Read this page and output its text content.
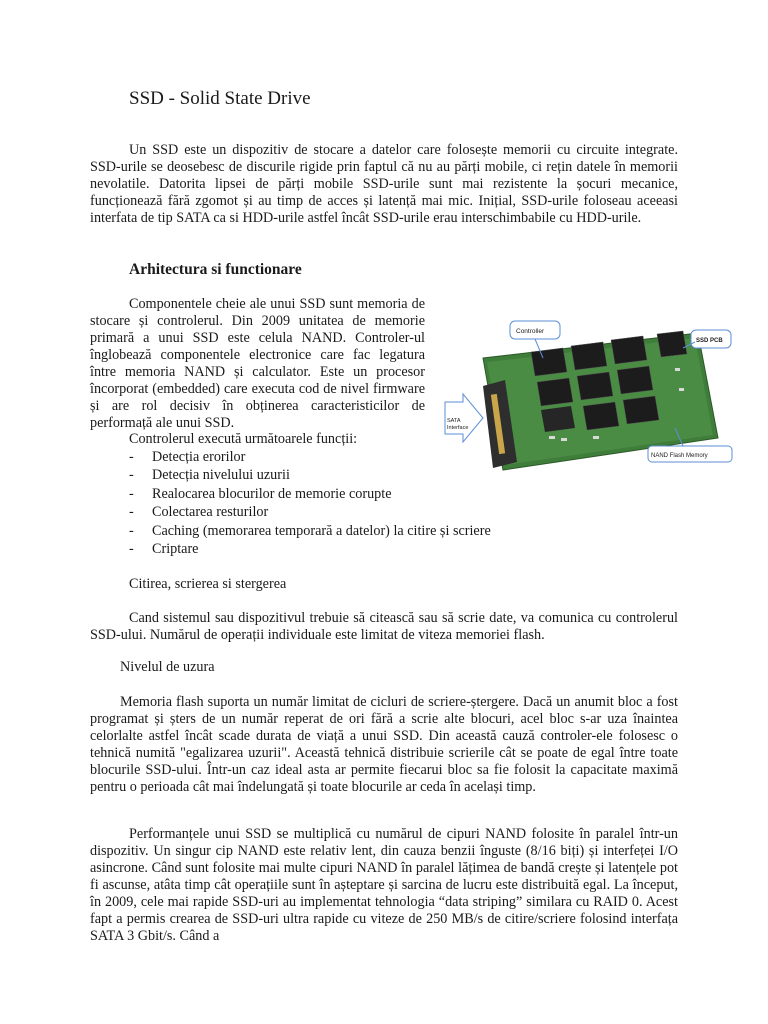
SSD - Solid State Drive

Un SSD este un dispozitiv de stocare a datelor care folosește memorii cu circuite integrate. SSD-urile se deosebesc de discurile rigide prin faptul că nu au părți mobile, ci rețin datele în memorii nevolatile. Datorita lipsei de părți mobile SSD-urile sunt mai rezistente la șocuri mecanice, funcționează fără zgomot și au timp de acces și latență mai mic. Inițial, SSD-urile foloseau aceeasi interfata de tip SATA ca si HDD-urile astfel încât SSD-urile erau interschimbabile cu HDD-urile.

Arhitectura si functionare

Componentele cheie ale unui SSD sunt memoria de stocare și controlerul. Din 2009 unitatea de memorie primară a unui SSD este celula NAND. Controler-ul înglobează componentele electronice care fac legatura între memoria NAND și calculator. Este un procesor încorporat (embedded) care executa cod de nivel firmware și are rol decisiv în obținerea caracteristicilor de performață ale unui SSD.

Controlerul execută următoarele funcții:

- Detecția erorilor
- Detecția nivelului uzurii
- Realocarea blocurilor de memorie corupte
- Colectarea resturilor
- Caching (memorarea temporară a datelor) la citire și scriere
- Criptare
Controller
SSD PCB
SATA Interface
NAND Flash Memory

Citirea, scrierea si stergerea

Cand sistemul sau dispozitivul trebuie să citească sau să scrie date, va comunica cu controlerul SSD-ului. Numărul de operații individuale este limitat de viteza memoriei flash.

Nivelul de uzura

Memoria flash suporta un număr limitat de cicluri de scriere-ștergere. Dacă un anumit bloc a fost programat și șters de un număr reperat de ori fără a scrie alte blocuri, acel bloc s-ar uza înaintea celorlalte astfel încât scade durata de viață a unui SSD. Din această cauză controler-ele folosesc o tehnică numită "egalizarea uzurii". Această tehnică distribuie scrierile cât se poate de egal între toate blocurile SSD-ului. Într-un caz ideal asta ar permite fiecarui bloc sa fie folosit la capacitate maximă pentru o perioada cât mai îndelungată și toate blocurile ar ceda în același timp.

Performanțele unui SSD se multiplică cu numărul de cipuri NAND folosite în paralel într-un dispozitiv. Un singur cip NAND este relativ lent, din cauza benzii înguste (8/16 biți) și interfeței I/O asincrone. Când sunt folosite mai multe cipuri NAND în paralel lățimea de bandă crește și latențele pot fi ascunse, atâta timp cât operațiile sunt în așteptare și sarcina de lucru este distribuită egal. La început, în 2009, cele mai rapide SSD-uri au implementat tehnologia “data striping” similara cu RAID 0. Acest fapt a permis crearea de SSD-uri ultra rapide cu viteze de 250 MB/s de citire/scriere folosind interfața SATA 3 Gbit/s. Când a
